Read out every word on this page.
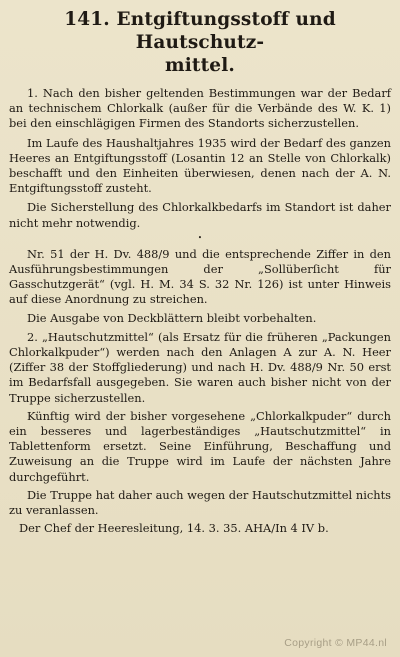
141. Entgiftungsstoff und Hautschutz-
mittel.

1. Nach den bisher geltenden Bestimmungen war der Bedarf an technischem Chlorkalk (außer für die Verbände des W. K. 1) bei den einschlägigen Firmen des Standorts sicherzustellen.

Im Laufe des Haushaltjahres 1935 wird der Bedarf des ganzen Heeres an Entgiftungsstoff (Losantin 12 an Stelle von Chlorkalk) beschafft und den Einheiten überwiesen, denen nach der A. N. Entgiftungsstoff zusteht.

Die Sicherstellung des Chlorkalkbedarfs im Standort ist daher nicht mehr notwendig.

•

Nr. 51 der H. Dv. 488/9 und die entsprechende Ziffer in den Ausführungsbestimmungen der „Sollüberſicht für Gasschutzgerät“ (vgl. H. M. 34 S. 32 Nr. 126) ist unter Hinweis auf diese Anordnung zu streichen.

Die Ausgabe von Deckblättern bleibt vorbehalten.

2. „Hautschutzmittel“ (als Ersatz für die früheren „Packungen Chlorkalkpuder“) werden nach den Anlagen A zur A. N. Heer (Ziffer 38 der Stoffgliederung) und nach H. Dv. 488/9 Nr. 50 erst im Bedarfsfall ausgegeben. Sie waren auch bisher nicht von der Truppe sicherzustellen.

Künftig wird der bisher vorgesehene „Chlorkalkpuder“ durch ein besseres und lagerbeständiges „Hautschutzmittel“ in Tablettenform ersetzt. Seine Einführung, Beschaffung und Zuweisung an die Truppe wird im Laufe der nächsten Jahre durchgeführt.

Die Truppe hat daher auch wegen der Hautschutzmittel nichts zu veranlassen.

Der Chef der Heeresleitung, 14. 3. 35. AHA/In 4 IV b.

Copyright © MP44.nl
